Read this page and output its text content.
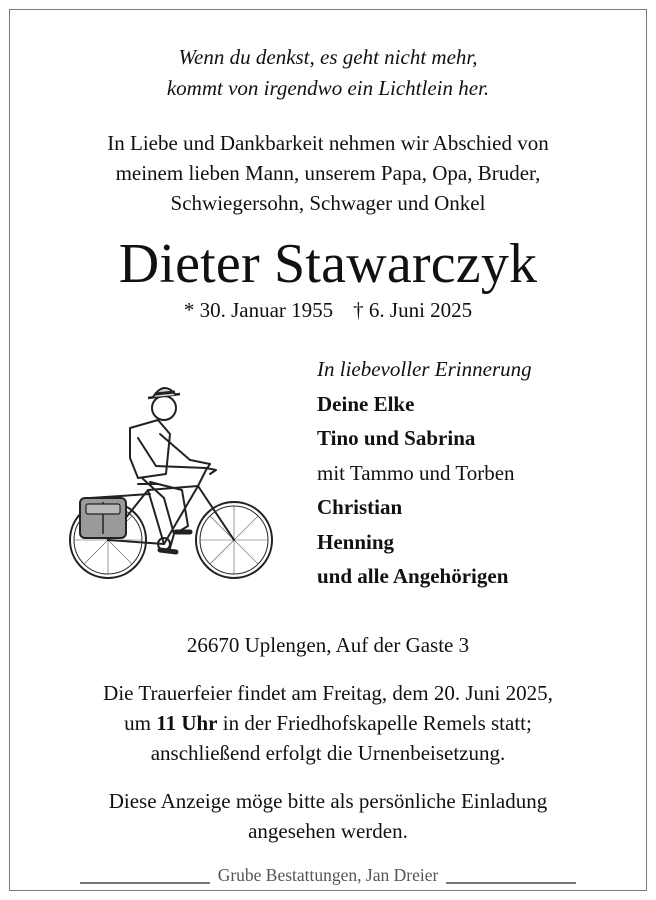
Wenn du denkst, es geht nicht mehr,
kommt von irgendwo ein Lichtlein her.
In Liebe und Dankbarkeit nehmen wir Abschied von
meinem lieben Mann, unserem Papa, Opa, Bruder,
Schwiegersohn, Schwager und Onkel
Dieter Stawarczyk
* 30. Januar 1955 † 6. Juni 2025
In liebevoller Erinnerung
Deine Elke
Tino und Sabrina
mit Tammo und Torben
Christian
Henning
und alle Angehörigen
26670 Uplengen, Auf der Gaste 3
Die Trauerfeier findet am Freitag, dem 20. Juni 2025,
um 11 Uhr in der Friedhofskapelle Remels statt;
anschließend erfolgt die Urnenbeisetzung.
Diese Anzeige möge bitte als persönliche Einladung
angesehen werden.
Grube Bestattungen, Jan Dreier
